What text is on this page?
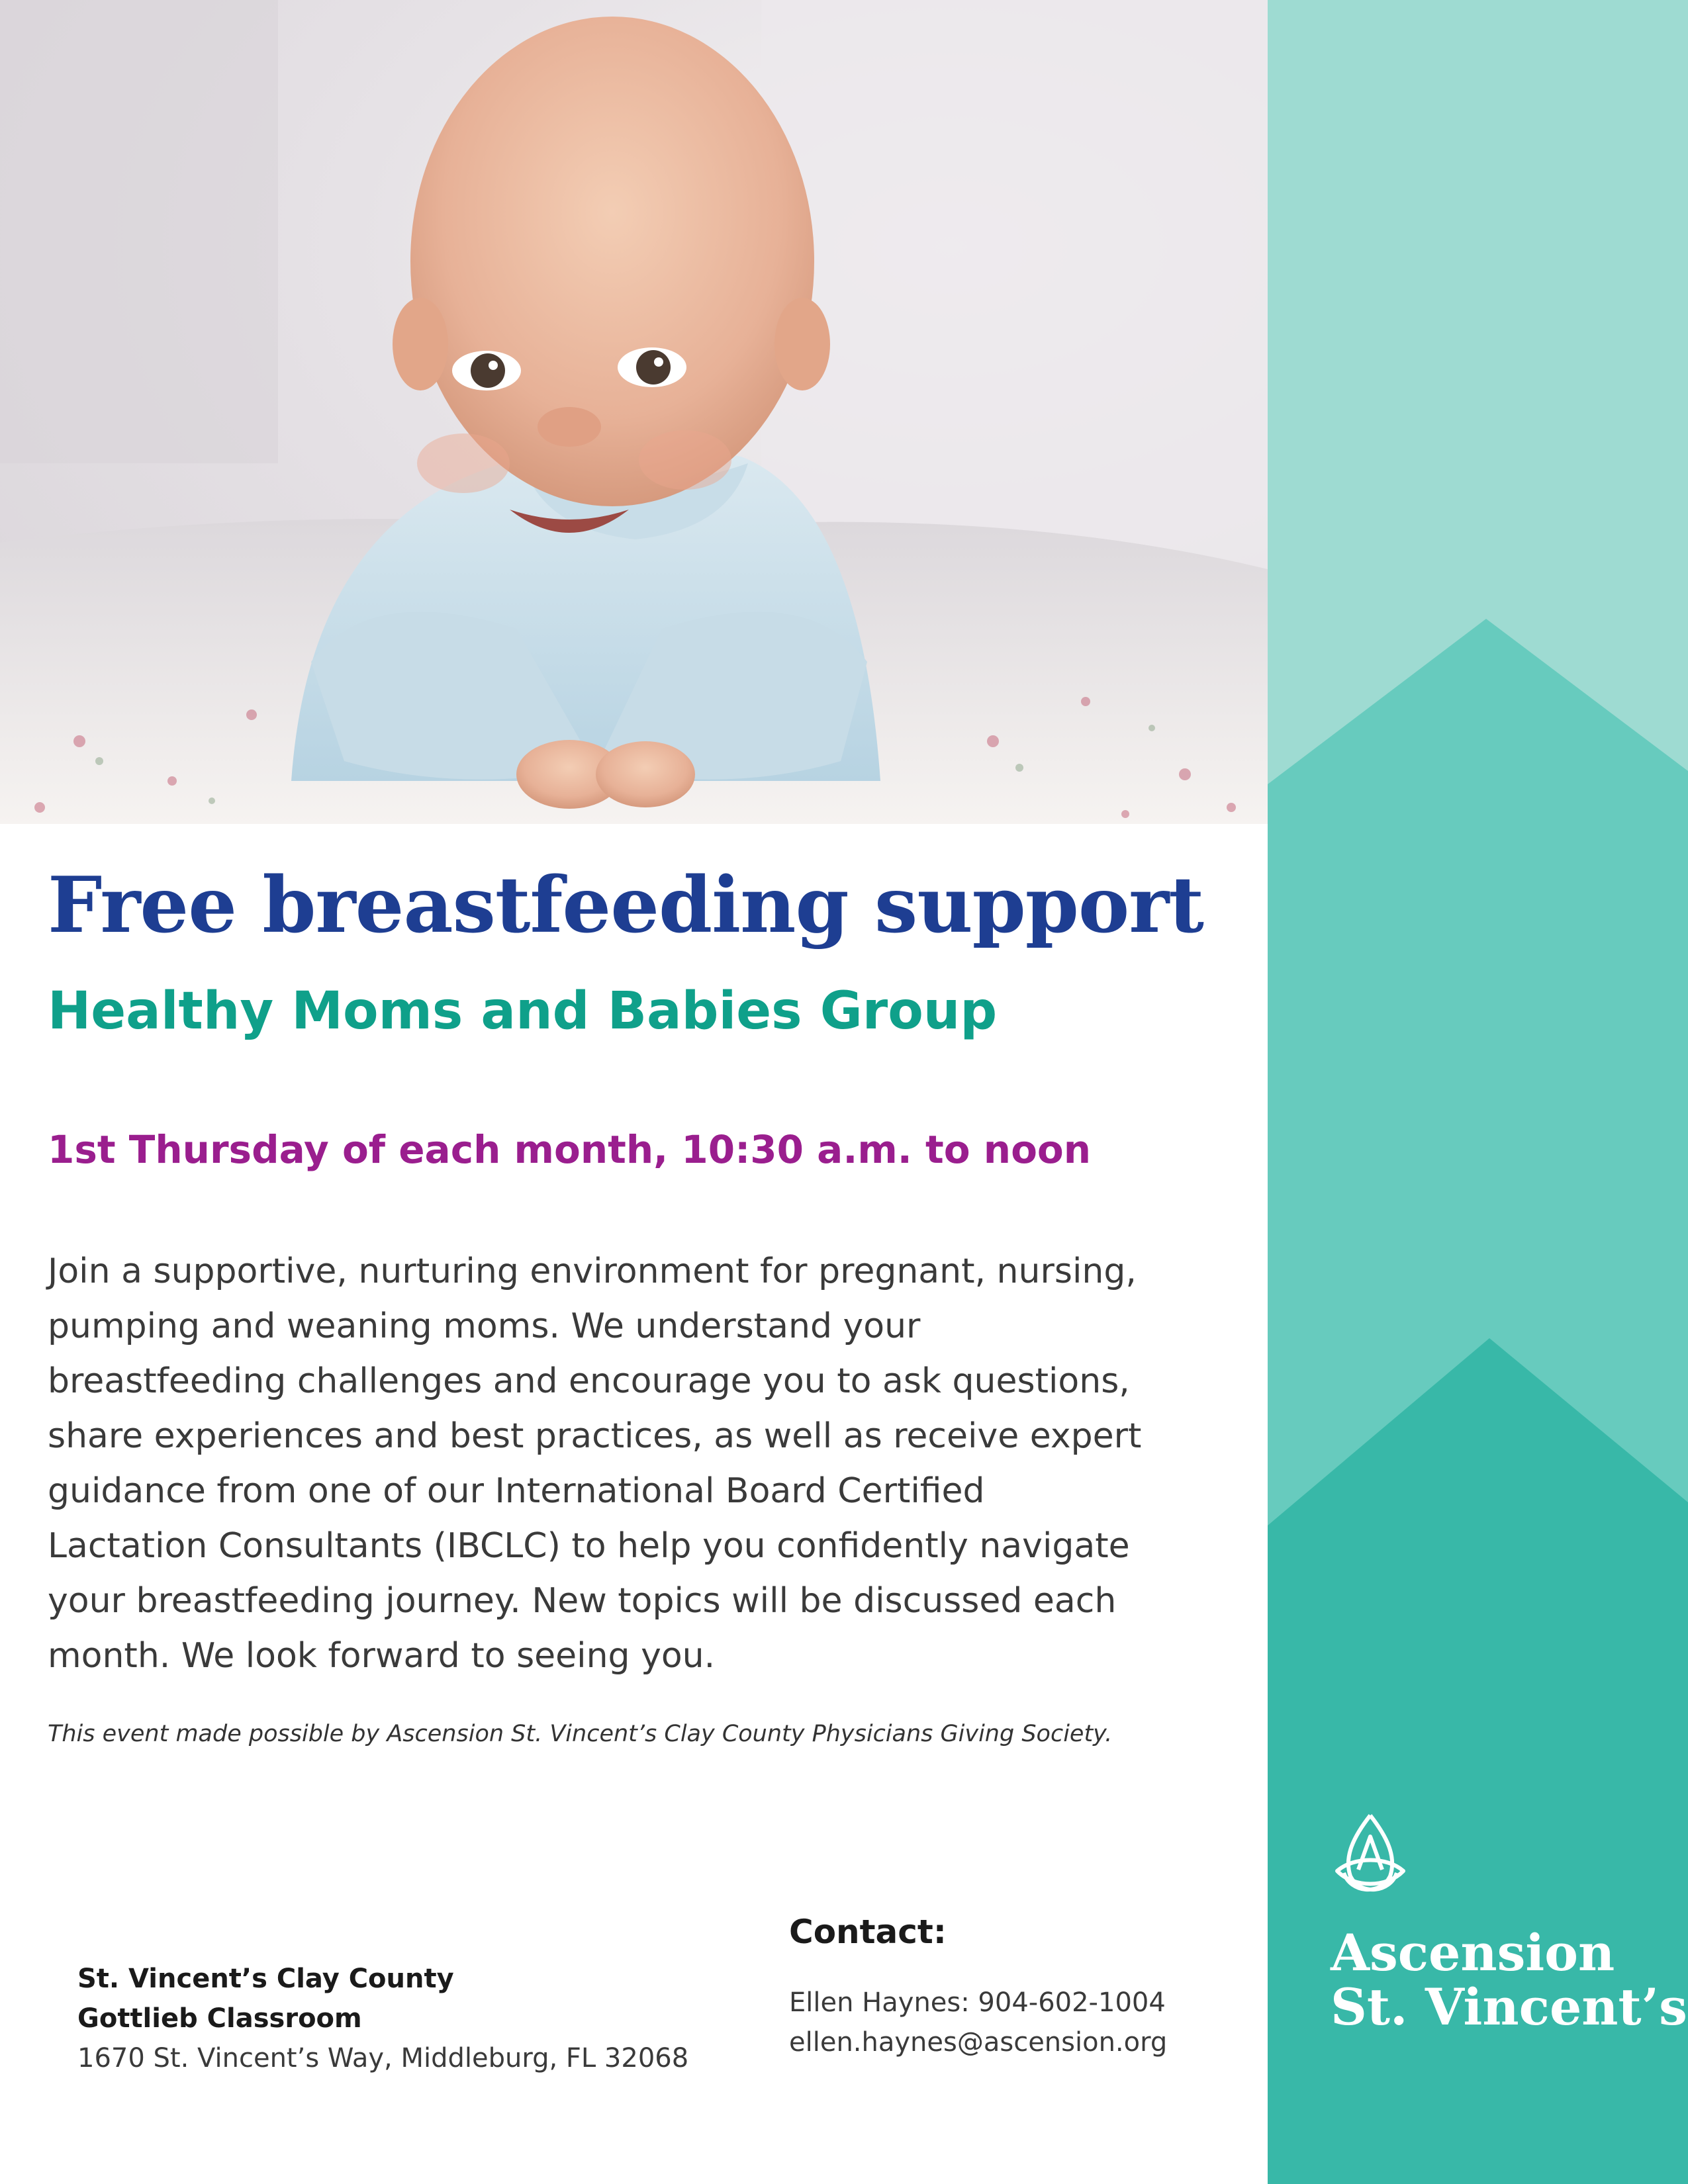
Free breastfeeding support
Healthy Moms and Babies Group
1st Thursday of each month, 10:30 a.m. to noon
Join a supportive, nurturing environment for pregnant, nursing,
pumping and weaning moms. We understand your
breastfeeding challenges and encourage you to ask questions,
share experiences and best practices, as well as receive expert
guidance from one of our International Board Certified
Lactation Consultants (IBCLC) to help you confidently navigate
your breastfeeding journey. New topics will be discussed each
month. We look forward to seeing you.
This event made possible by Ascension St. Vincent’s Clay County Physicians Giving Society.
St. Vincent’s Clay County
Gottlieb Classroom
1670 St. Vincent’s Way, Middleburg, FL 32068
Contact:
Ellen Haynes: 904-602-1004
ellen.haynes@ascension.org
Ascension
St. Vincent’s
